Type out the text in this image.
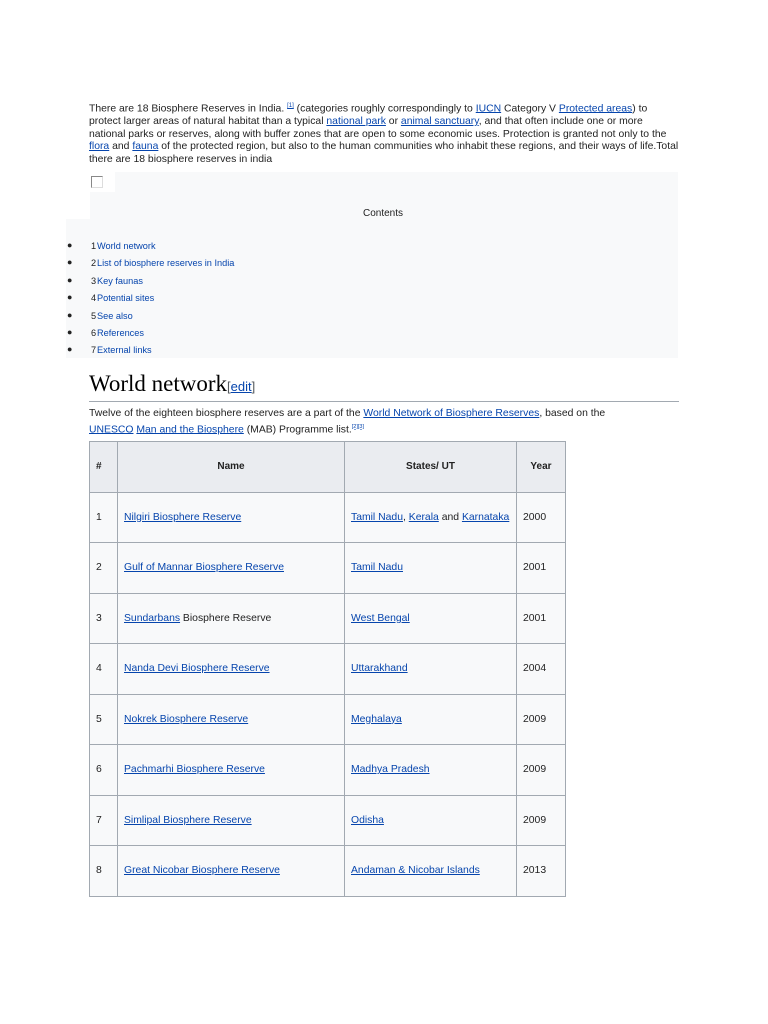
There are 18 Biosphere Reserves in India. [1] (categories roughly correspondingly to IUCN Category V Protected areas) to protect larger areas of natural habitat than a typical national park or animal sanctuary, and that often include one or more national parks or reserves, along with buffer zones that are open to some economic uses. Protection is granted not only to the flora and fauna of the protected region, but also to the human communities who inhabit these regions, and their ways of life.Total there are 18 biosphere reserves in india
Contents
● 1 World network
● 2 List of biosphere reserves in India
● 3 Key faunas
● 4 Potential sites
● 5 See also
● 6 References
● 7 External links
World network[edit]
Twelve of the eighteen biosphere reserves are a part of the World Network of Biosphere Reserves, based on the UNESCO Man and the Biosphere (MAB) Programme list.[2][3]
#	Name	States/ UT	Year
1	Nilgiri Biosphere Reserve	Tamil Nadu, Kerala and Karnataka	2000
2	Gulf of Mannar Biosphere Reserve	Tamil Nadu	2001
3	Sundarbans Biosphere Reserve	West Bengal	2001
4	Nanda Devi Biosphere Reserve	Uttarakhand	2004
5	Nokrek Biosphere Reserve	Meghalaya	2009
6	Pachmarhi Biosphere Reserve	Madhya Pradesh	2009
7	Simlipal Biosphere Reserve	Odisha	2009
8	Great Nicobar Biosphere Reserve	Andaman & Nicobar Islands	2013
